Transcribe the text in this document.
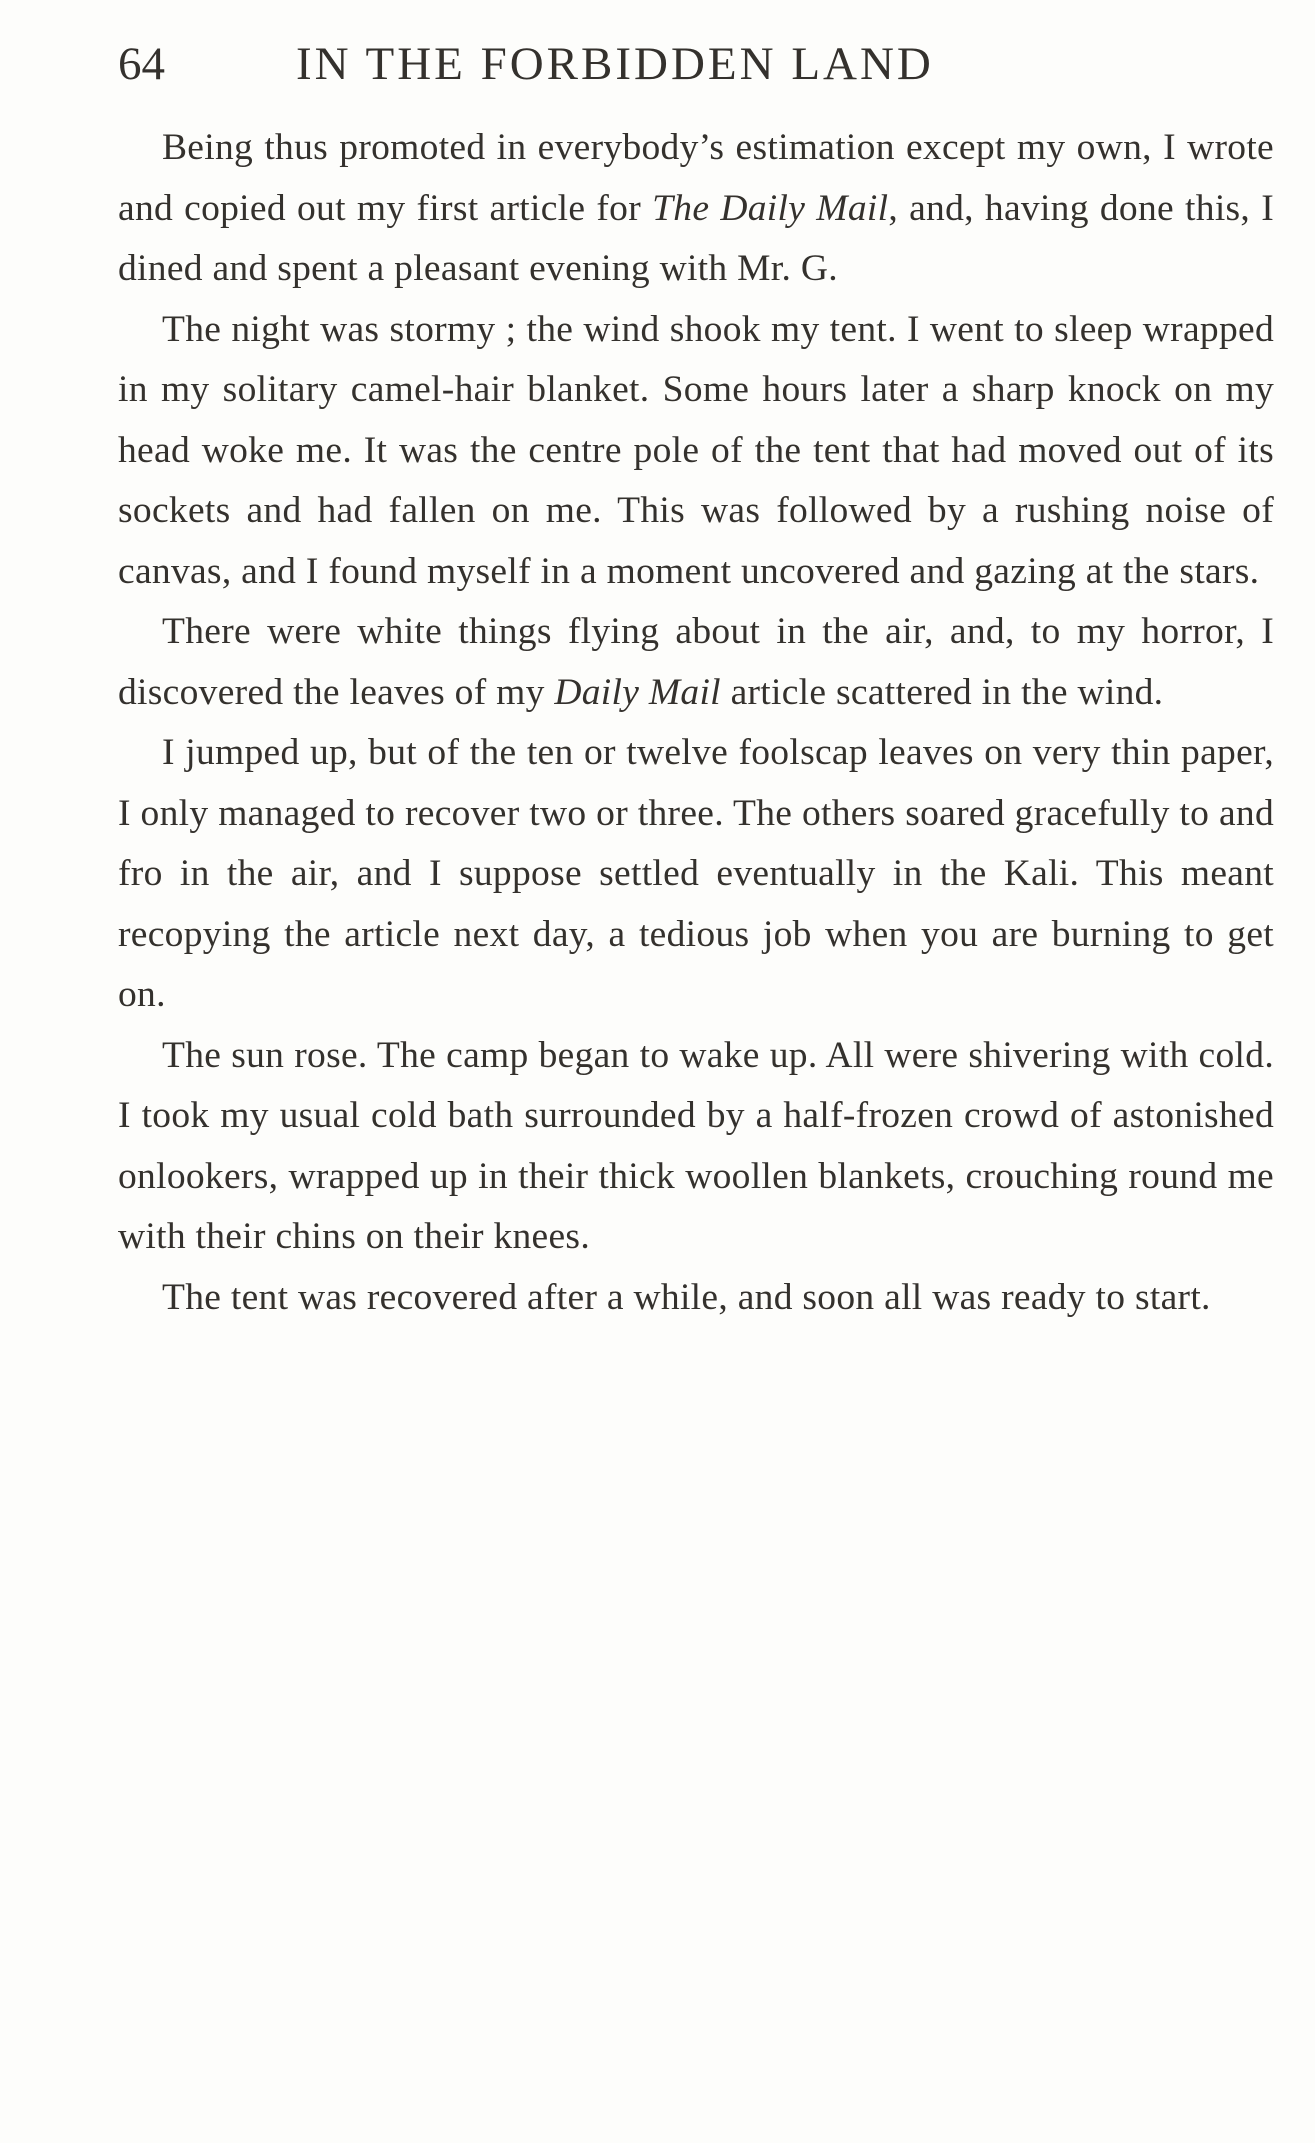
64	IN THE FORBIDDEN LAND

Being thus promoted in everybody’s estimation except my own, I wrote and copied out my first article for The Daily Mail, and, having done this, I dined and spent a pleasant evening with Mr. G.

The night was stormy ; the wind shook my tent. I went to sleep wrapped in my solitary camel-hair blanket. Some hours later a sharp knock on my head woke me. It was the centre pole of the tent that had moved out of its sockets and had fallen on me. This was followed by a rushing noise of canvas, and I found myself in a moment uncovered and gazing at the stars.

There were white things flying about in the air, and, to my horror, I discovered the leaves of my Daily Mail article scattered in the wind.

I jumped up, but of the ten or twelve foolscap leaves on very thin paper, I only managed to recover two or three. The others soared gracefully to and fro in the air, and I suppose settled eventually in the Kali. This meant recopying the article next day, a tedious job when you are burning to get on.

The sun rose. The camp began to wake up. All were shivering with cold. I took my usual cold bath surrounded by a half-frozen crowd of astonished onlookers, wrapped up in their thick woollen blankets, crouching round me with their chins on their knees.

The tent was recovered after a while, and soon all was ready to start.
